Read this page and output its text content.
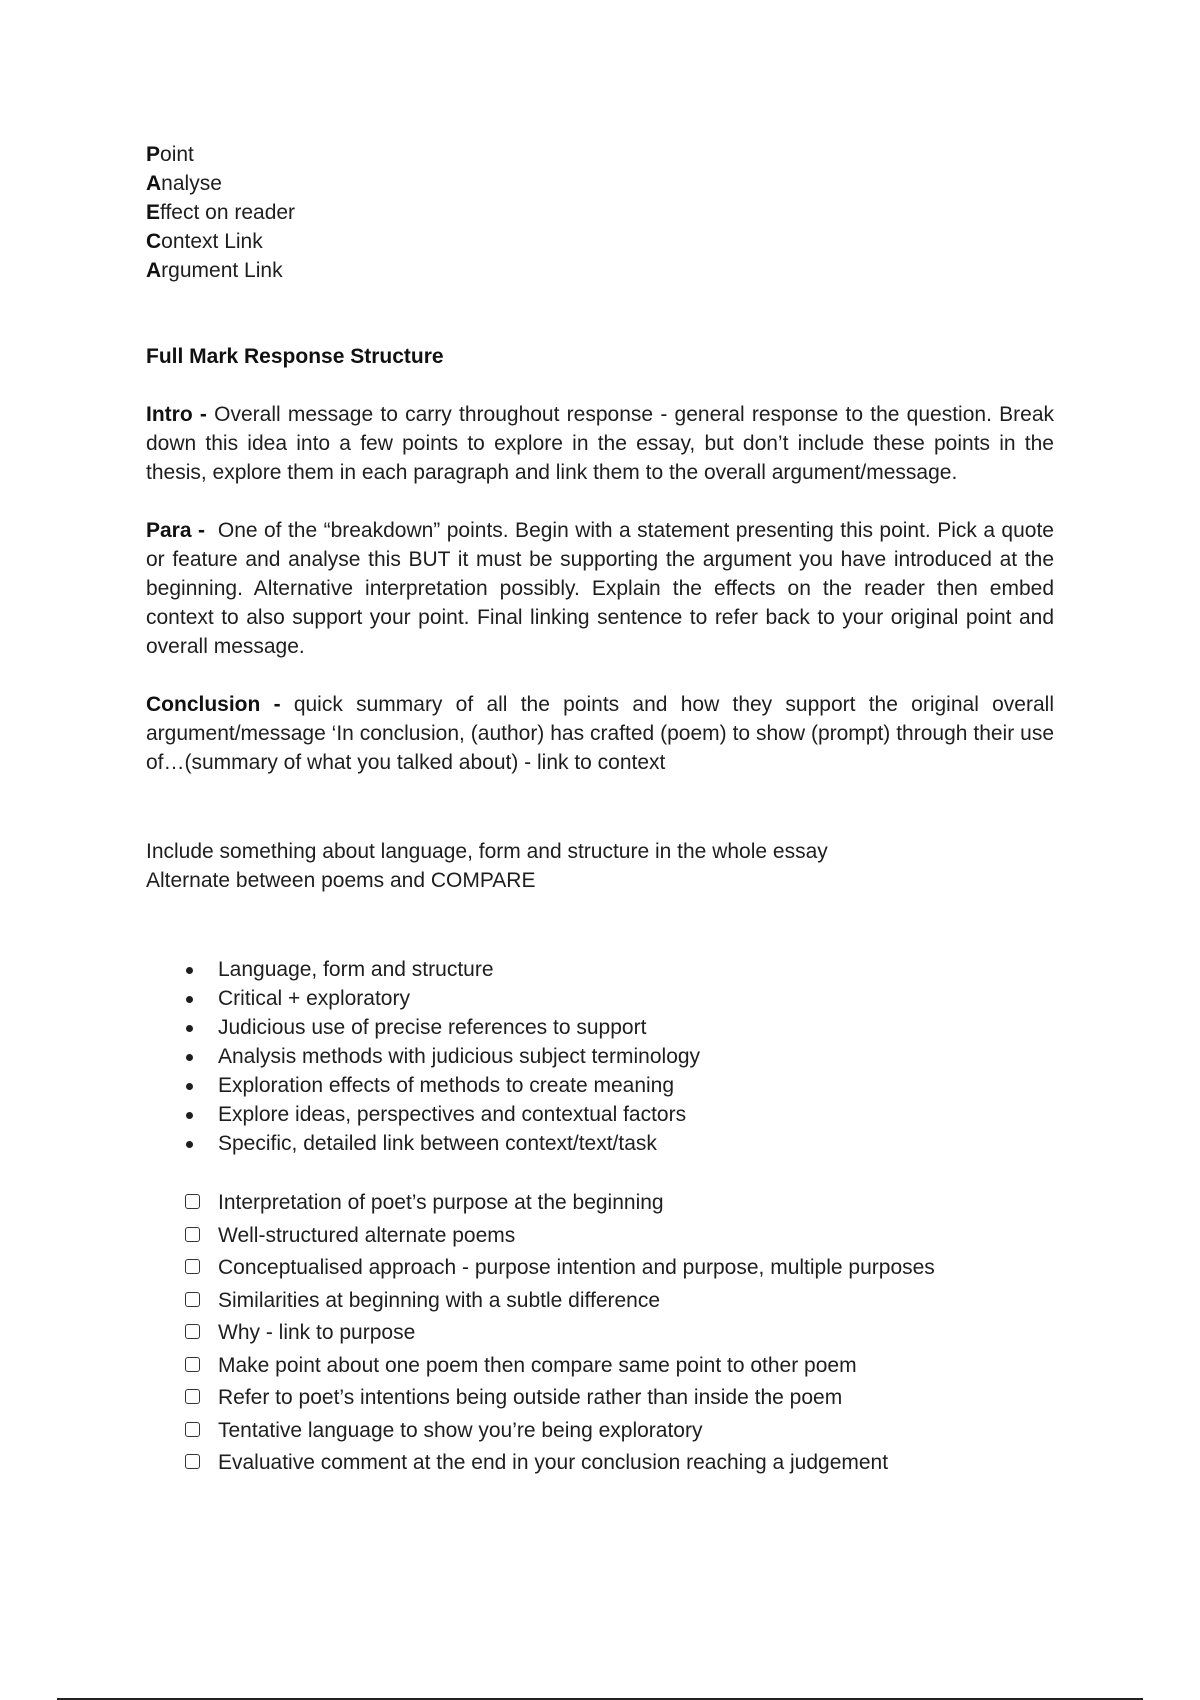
Point
Analyse
Effect on reader
Context Link
Argument Link
Full Mark Response Structure

Intro - Overall message to carry throughout response - general response to the question. Break down this idea into a few points to explore in the essay, but don’t include these points in the thesis, explore them in each paragraph and link them to the overall argument/message.

Para -  One of the “breakdown” points. Begin with a statement presenting this point. Pick a quote or feature and analyse this BUT it must be supporting the argument you have introduced at the beginning. Alternative interpretation possibly. Explain the effects on the reader then embed context to also support your point. Final linking sentence to refer back to your original point and overall message.

Conclusion - quick summary of all the points and how they support the original overall argument/message ‘In conclusion, (author) has crafted (poem) to show (prompt) through their use of…(summary of what you talked about) - link to context

Include something about language, form and structure in the whole essay
Alternate between poems and COMPARE
Language, form and structure
Critical + exploratory
Judicious use of precise references to support
Analysis methods with judicious subject terminology
Exploration effects of methods to create meaning
Explore ideas, perspectives and contextual factors
Specific, detailed link between context/text/task
Interpretation of poet’s purpose at the beginning
Well-structured alternate poems
Conceptualised approach - purpose intention and purpose, multiple purposes
Similarities at beginning with a subtle difference
Why - link to purpose
Make point about one poem then compare same point to other poem
Refer to poet’s intentions being outside rather than inside the poem
Tentative language to show you’re being exploratory
Evaluative comment at the end in your conclusion reaching a judgement
